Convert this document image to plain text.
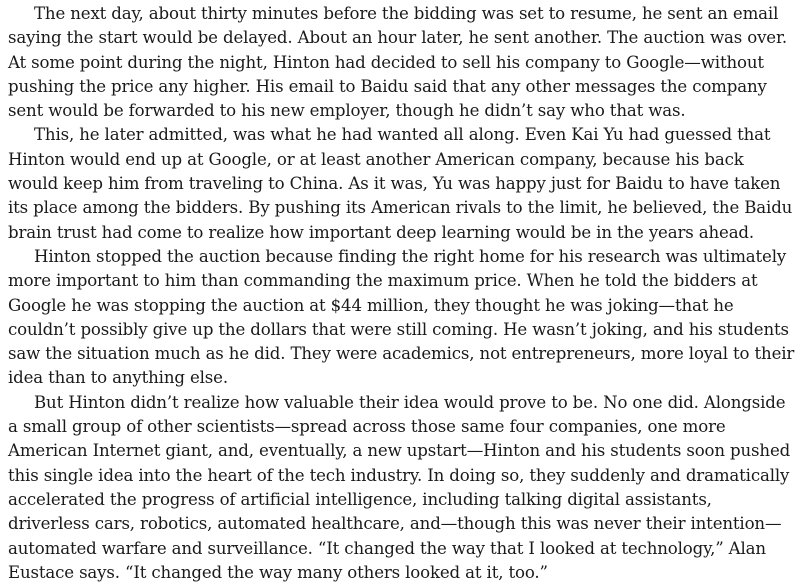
The next day, about thirty minutes before the bidding was set to resume, he sent an email saying the start would be delayed. About an hour later, he sent another. The auction was over. At some point during the night, Hinton had decided to sell his company to Google—without pushing the price any higher. His email to Baidu said that any other messages the company sent would be forwarded to his new employer, though he didn’t say who that was.

This, he later admitted, was what he had wanted all along. Even Kai Yu had guessed that Hinton would end up at Google, or at least another American company, because his back would keep him from traveling to China. As it was, Yu was happy just for Baidu to have taken its place among the bidders. By pushing its American rivals to the limit, he believed, the Baidu brain trust had come to realize how important deep learning would be in the years ahead.

Hinton stopped the auction because finding the right home for his research was ultimately more important to him than commanding the maximum price. When he told the bidders at Google he was stopping the auction at $44 million, they thought he was joking—that he couldn’t possibly give up the dollars that were still coming. He wasn’t joking, and his students saw the situation much as he did. They were academics, not entrepreneurs, more loyal to their idea than to anything else.

But Hinton didn’t realize how valuable their idea would prove to be. No one did. Alongside a small group of other scientists—spread across those same four companies, one more American Internet giant, and, eventually, a new upstart—Hinton and his students soon pushed this single idea into the heart of the tech industry. In doing so, they suddenly and dramatically accelerated the progress of artificial intelligence, including talking digital assistants, driverless cars, robotics, automated healthcare, and—though this was never their intention—automated warfare and surveillance. “It changed the way that I looked at technology,” Alan Eustace says. “It changed the way many others looked at it, too.”
